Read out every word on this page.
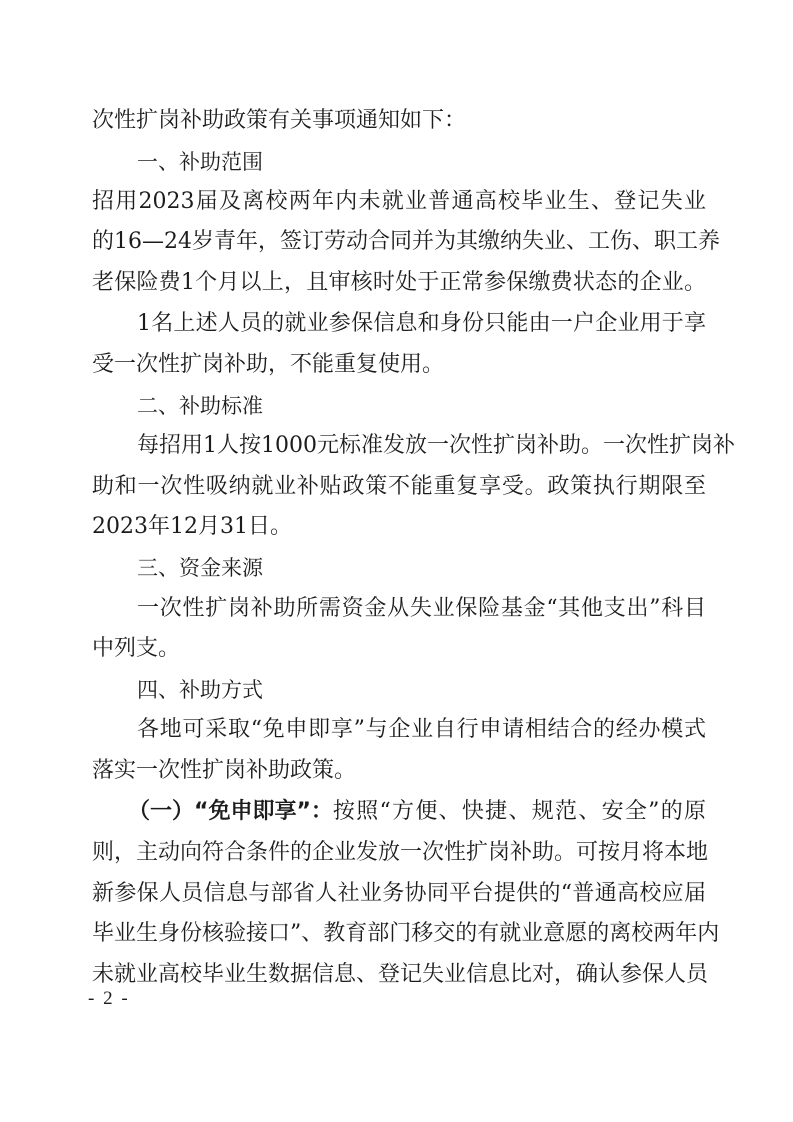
次性扩岗补助政策有关事项通知如下：
一、补助范围
招用2023届及离校两年内未就业普通高校毕业生、登记失业
的16—24岁青年，签订劳动合同并为其缴纳失业、工伤、职工养
老保险费1个月以上，且审核时处于正常参保缴费状态的企业。
1名上述人员的就业参保信息和身份只能由一户企业用于享
受一次性扩岗补助，不能重复使用。
二、补助标准
每招用1人按1000元标准发放一次性扩岗补助。一次性扩岗补
助和一次性吸纳就业补贴政策不能重复享受。政策执行期限至
2023年12月31日。
三、资金来源
一次性扩岗补助所需资金从失业保险基金“其他支出”科目
中列支。
四、补助方式
各地可采取“免申即享”与企业自行申请相结合的经办模式
落实一次性扩岗补助政策。
（一）“免申即享”： 按照“方便、快捷、规范、安全”的原
则，主动向符合条件的企业发放一次性扩岗补助。可按月将本地
新参保人员信息与部省人社业务协同平台提供的“普通高校应届
毕业生身份核验接口”、教育部门移交的有就业意愿的离校两年内
未就业高校毕业生数据信息、登记失业信息比对，确认参保人员
- 2 -
